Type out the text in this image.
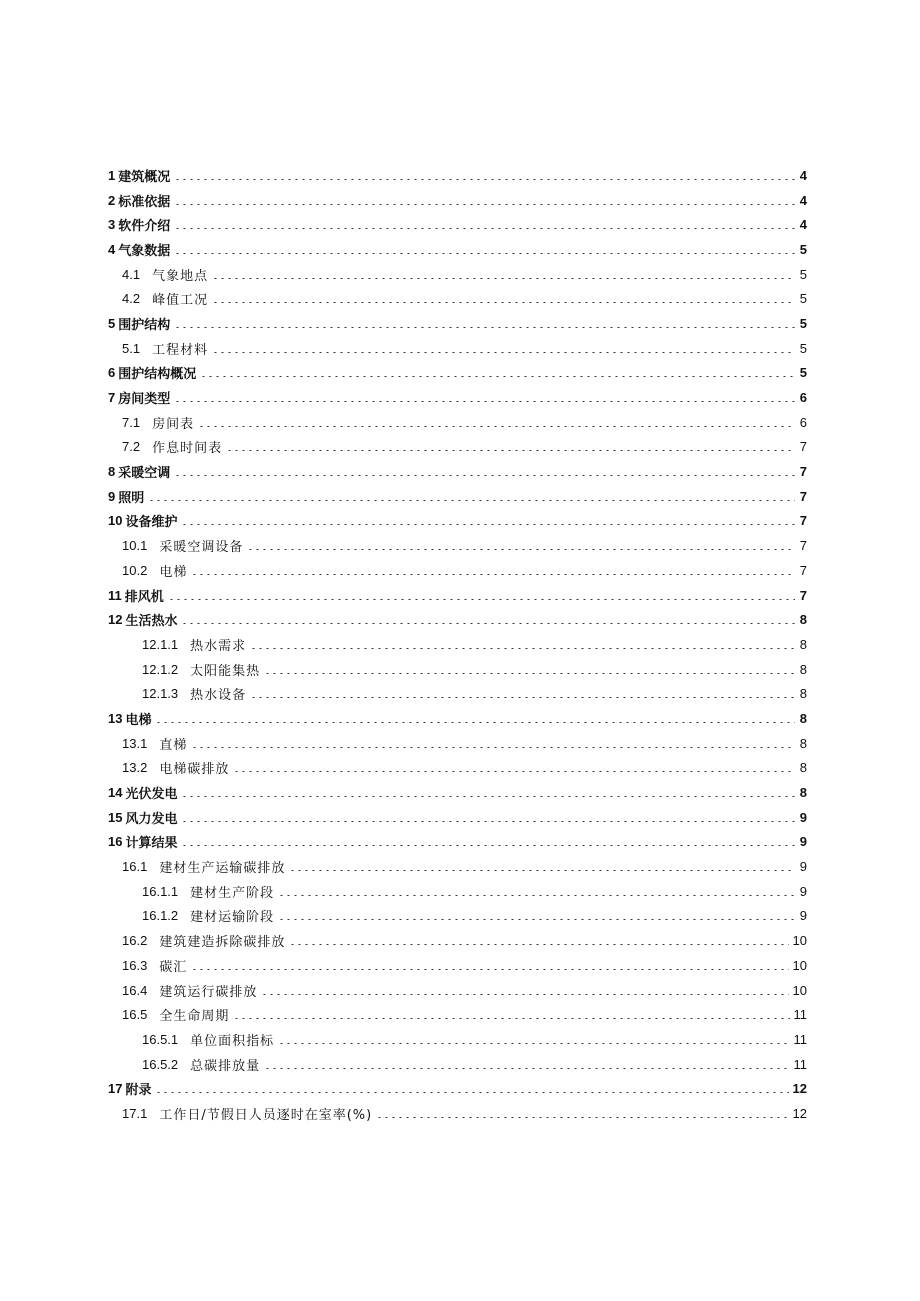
1 建筑概况	4
2 标准依据	4
3 软件介绍	4
4 气象数据	5
4.1 气象地点	5
4.2 峰值工况	5
5 围护结构	5
5.1 工程材料	5
6 围护结构概况	5
7 房间类型	6
7.1 房间表	6
7.2 作息时间表	7
8 采暖空调	7
9 照明	7
10 设备维护	7
10.1 采暖空调设备	7
10.2 电梯	7
11 排风机	7
12 生活热水	8
12.1.1 热水需求	8
12.1.2 太阳能集热	8
12.1.3 热水设备	8
13 电梯	8
13.1 直梯	8
13.2 电梯碳排放	8
14 光伏发电	8
15 风力发电	9
16 计算结果	9
16.1 建材生产运输碳排放	9
16.1.1 建材生产阶段	9
16.1.2 建材运输阶段	9
16.2 建筑建造拆除碳排放	10
16.3 碳汇	10
16.4 建筑运行碳排放	10
16.5 全生命周期	11
16.5.1 单位面积指标	11
16.5.2 总碳排放量	11
17 附录	12
17.1 工作日/节假日人员逐时在室率(%)	12
